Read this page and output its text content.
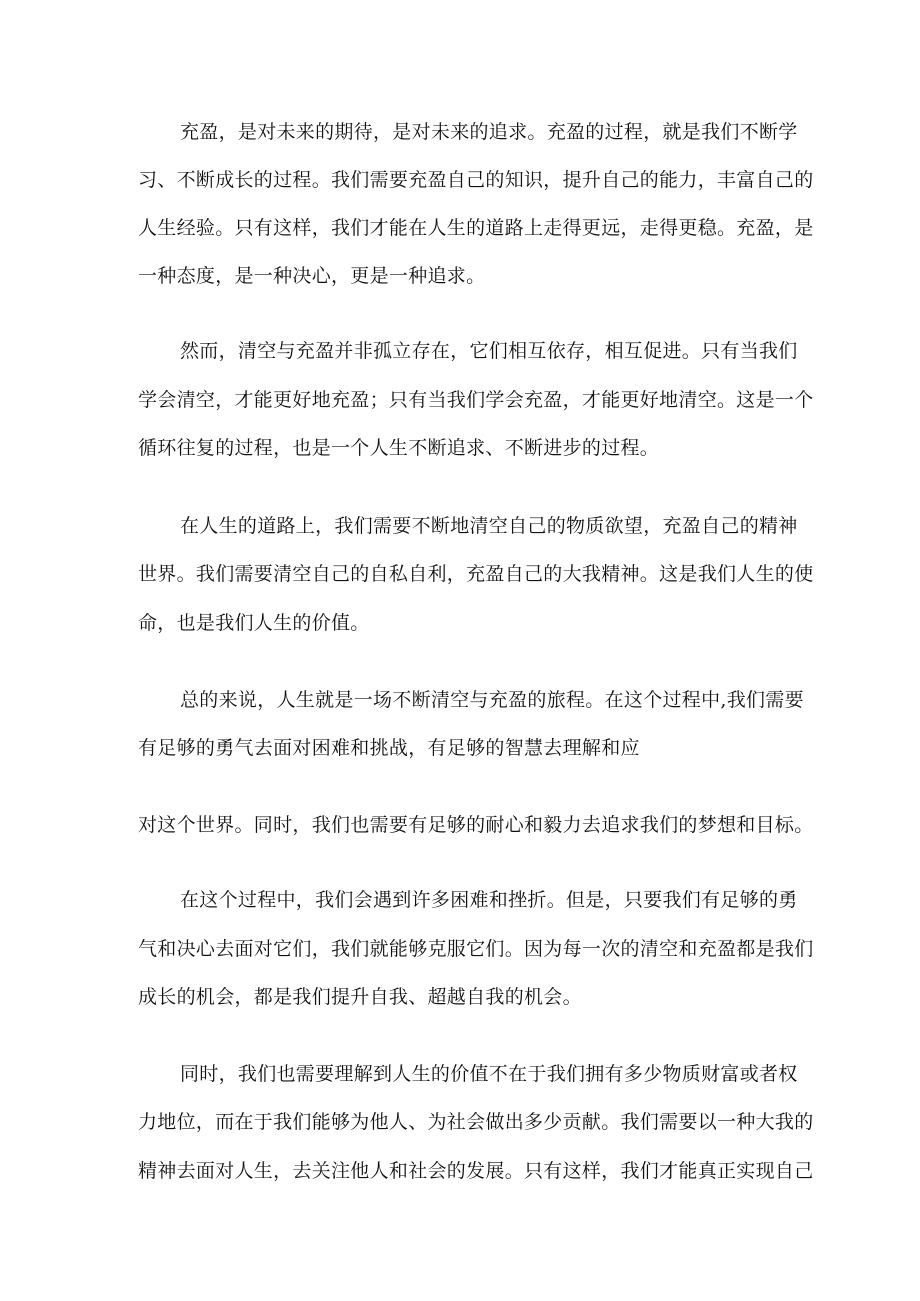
充盈，是对未来的期待，是对未来的追求。充盈的过程，就是我们不断学

习、不断成长的过程。我们需要充盈自己的知识，提升自己的能力，丰富自己的

人生经验。只有这样，我们才能在人生的道路上走得更远，走得更稳。充盈，是

一种态度，是一种决心，更是一种追求。

然而，清空与充盈并非孤立存在，它们相互依存，相互促进。只有当我们

学会清空，才能更好地充盈；只有当我们学会充盈，才能更好地清空。这是一个

循环往复的过程，也是一个人生不断追求、不断进步的过程。

在人生的道路上，我们需要不断地清空自己的物质欲望，充盈自己的精神

世界。我们需要清空自己的自私自利，充盈自己的大我精神。这是我们人生的使

命，也是我们人生的价值。

总的来说，人生就是一场不断清空与充盈的旅程。在这个过程中,我们需要

有足够的勇气去面对困难和挑战，有足够的智慧去理解和应

对这个世界。同时，我们也需要有足够的耐心和毅力去追求我们的梦想和目标。

在这个过程中，我们会遇到许多困难和挫折。但是，只要我们有足够的勇

气和决心去面对它们，我们就能够克服它们。因为每一次的清空和充盈都是我们

成长的机会，都是我们提升自我、超越自我的机会。

同时，我们也需要理解到人生的价值不在于我们拥有多少物质财富或者权

力地位，而在于我们能够为他人、为社会做出多少贡献。我们需要以一种大我的

精神去面对人生，去关注他人和社会的发展。只有这样，我们才能真正实现自己
